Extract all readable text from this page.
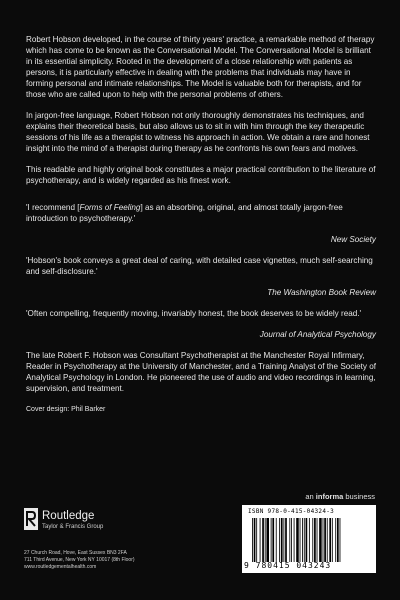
Robert Hobson developed, in the course of thirty years' practice, a remarkable method of therapy which has come to be known as the Conversational Model. The Conversational Model is brilliant in its essential simplicity. Rooted in the development of a close relationship with patients as persons, it is particularly effective in dealing with the problems that individuals may have in forming personal and intimate relationships. The Model is valuable both for therapists, and for those who are called upon to help with the personal problems of others.

In jargon-free language, Robert Hobson not only thoroughly demonstrates his techniques, and explains their theoretical basis, but also allows us to sit in with him through the key therapeutic sessions of his life as a therapist to witness his approach in action. We obtain a rare and honest insight into the mind of a therapist during therapy as he confronts his own fears and motives.

This readable and highly original book constitutes a major practical contribution to the literature of psychotherapy, and is widely regarded as his finest work.

'I recommend [Forms of Feeling] as an absorbing, original, and almost totally jargon-free introduction to psychotherapy.'

New Society

'Hobson's book conveys a great deal of caring, with detailed case vignettes, much self-searching and self-disclosure.'

The Washington Book Review

'Often compelling, frequently moving, invariably honest, the book deserves to be widely read.'

Journal of Analytical Psychology

The late Robert F. Hobson was Consultant Psychotherapist at the Manchester Royal Infirmary, Reader in Psychotherapy at the University of Manchester, and a Training Analyst of the Society of Analytical Psychology in London. He pioneered the use of audio and video recordings in learning, supervision, and treatment.

Cover design: Phil Barker
an informa business
Routledge
Taylor & Francis Group
27 Church Road, Hove, East Sussex BN3 2FA
711 Third Avenue, New York NY 10017 (8th Floor)
www.routledgementalhealth.com
ISBN 978-0-415-04324-3
9 780415 043243
